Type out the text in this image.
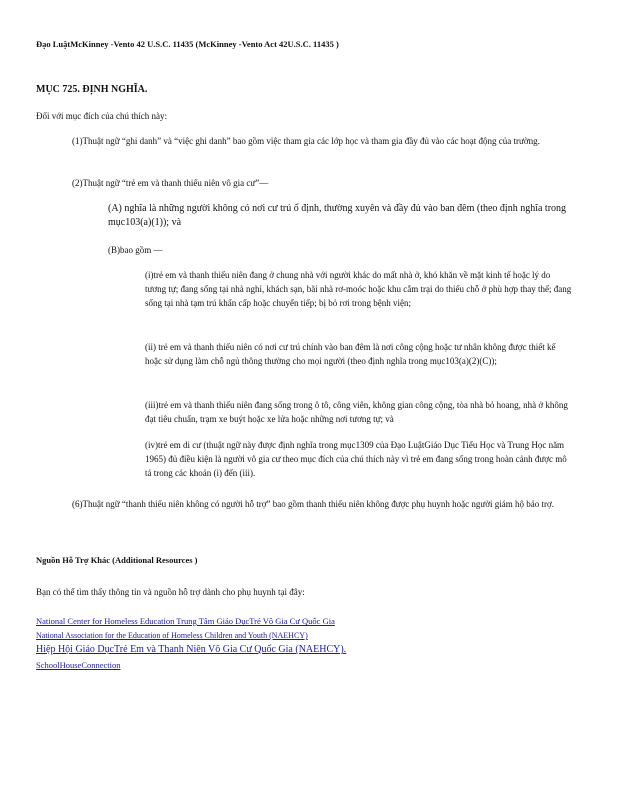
Đạo LuậtMcKinney -Vento 42 U.S.C. 11435 (McKinney -Vento Act 42U.S.C. 11435 )
MỤC 725. ĐỊNH NGHĨA.
Đối với mục đích của chú thích này:
(1)Thuật ngữ “ghi danh” và “việc ghi danh” bao gồm việc tham gia các lớp học và tham gia đầy đủ vào các hoạt động của trường.
(2)Thuật ngữ “trẻ em và thanh thiếu niên vô gia cư”—
(A) nghĩa là những người không có nơi cư trú ổ định, thường xuyên và đầy đủ vào ban đêm (theo định nghĩa trong mục103(a)(1)); và
(B)bao gồm —
(i)trẻ em và thanh thiếu niên đang ở chung nhà với người khác do mất nhà ở, khó khăn về mặt kinh tế hoặc lý do tương tự; đang sống tại nhà nghỉ, khách sạn, bãi nhà rơ-moóc hoặc khu cắm trại do thiếu chỗ ở phù hợp thay thế; đang sống tại nhà tạm trú khẩn cấp hoặc chuyển tiếp; bị bỏ rơi trong bệnh viện;
(ii) trẻ em và thanh thiếu niên có nơi cư trú chính vào ban đêm là nơi công cộng hoặc tư nhân không được thiết kế hoặc sử dụng làm chỗ ngủ thông thường cho mọi người (theo định nghĩa trong mục103(a)(2)(C));
(iii)trẻ em và thanh thiếu niên đang sống trong ô tô, công viên, không gian công cộng, tòa nhà bỏ hoang, nhà ở không đạt tiêu chuẩn, trạm xe buýt hoặc xe lửa hoặc những nơi tương tự; và
(iv)trẻ em di cư (thuật ngữ này được định nghĩa trong mục1309 của Đạo LuậtGiáo Dục Tiểu Học và Trung Học năm 1965) đủ điều kiện là người vô gia cư theo mục đích của chú thích này vì trẻ em đang sống trong hoàn cảnh được mô tả trong các khoản (i) đến (iii).
(6)Thuật ngữ “thanh thiếu niên không có người hỗ trợ” bao gồm thanh thiếu niên không được phụ huynh hoặc người giám hộ bảo trợ.
Nguồn Hỗ Trợ Khác (Additional Resources )
Bạn có thể tìm thấy thông tin và nguồn hỗ trợ dành cho phụ huynh tại đây:
National Center for Homeless Education Trung Tâm Giáo DụcTrẻ Vô Gia Cư Quốc Gia
National Association for the Education of Homeless Children and Youth (NAEHCY)
Hiệp Hội Giáo DụcTrẻ Em và Thanh Niên Vô Gia Cư Quốc Gia (NAEHCY).
SchoolHouseConnection
